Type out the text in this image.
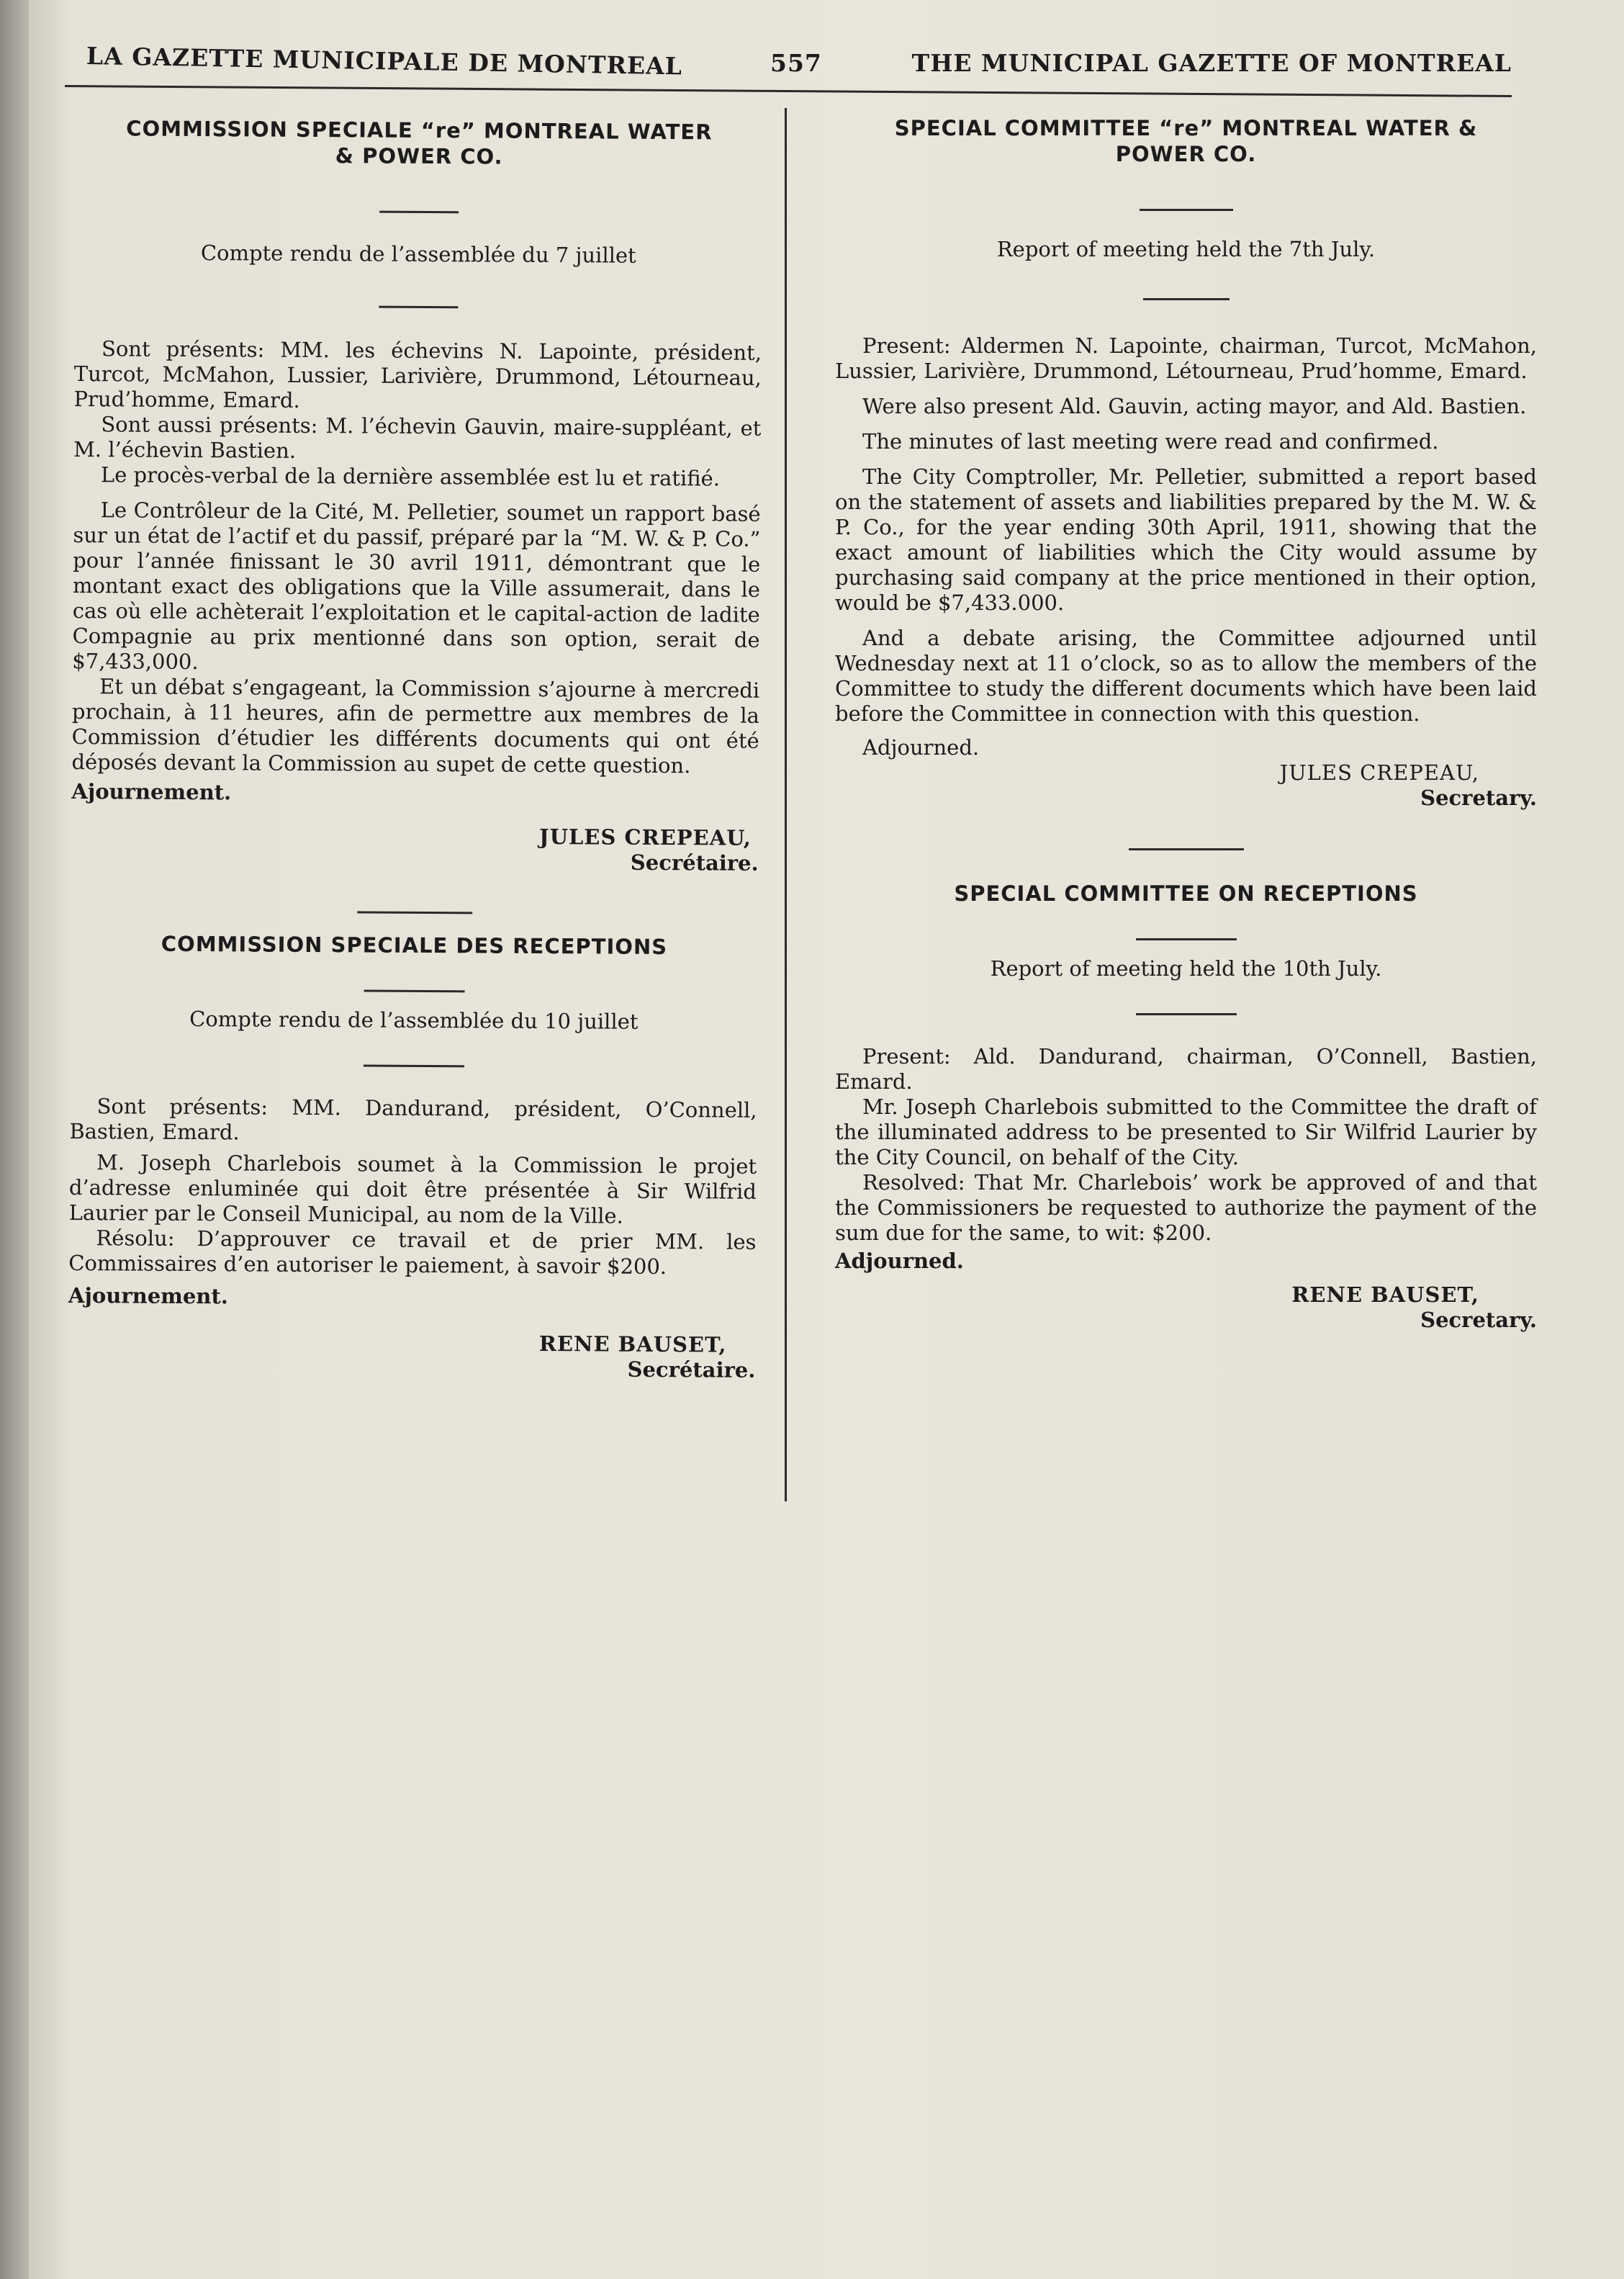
LA GAZETTE MUNICIPALE DE MONTREAL	557	THE MUNICIPAL GAZETTE OF MONTREAL
COMMISSION SPECIALE “re” MONTREAL WATER & POWER CO.
Compte rendu de l’assemblée du 7 juillet

Sont présents: MM. les échevins N. Lapointe, président, Turcot, McMahon, Lussier, Larivière, Drummond, Létourneau, Prud’homme, Emard.

Sont aussi présents: M. l’échevin Gauvin, maire-suppléant, et M. l’échevin Bastien.

Le procès-verbal de la dernière assemblée est lu et ratifié.

Le Contrôleur de la Cité, M. Pelletier, soumet un rapport basé sur un état de l’actif et du passif, préparé par la “M. W. & P. Co.” pour l’année finissant le 30 avril 1911, démontrant que le montant exact des obligations que la Ville assumerait, dans le cas où elle achèterait l’exploitation et le capital-action de ladite Compagnie au prix mentionné dans son option, serait de $7,433,000.

Et un débat s’engageant, la Commission s’ajourne à mercredi prochain, à 11 heures, afin de permettre aux membres de la Commission d’étudier les différents documents qui ont été déposés devant la Commission au supet de cette question.

Ajournement.
JULES CREPEAU,
Secrétaire.
COMMISSION SPECIALE DES RECEPTIONS
Compte rendu de l’assemblée du 10 juillet

Sont présents: MM. Dandurand, président, O’Connell, Bastien, Emard.

M. Joseph Charlebois soumet à la Commission le projet d’adresse enluminée qui doit être présentée à Sir Wilfrid Laurier par le Conseil Municipal, au nom de la Ville.

Résolu: D’approuver ce travail et de prier MM. les Commissaires d’en autoriser le paiement, à savoir $200.

Ajournement.
RENE BAUSET,
Secrétaire.
SPECIAL COMMITTEE “re” MONTREAL WATER & POWER CO.
Report of meeting held the 7th July.

Present: Aldermen N. Lapointe, chairman, Turcot, McMahon, Lussier, Larivière, Drummond, Létourneau, Prud’homme, Emard.

Were also present Ald. Gauvin, acting mayor, and Ald. Bastien.

The minutes of last meeting were read and confirmed.

The City Comptroller, Mr. Pelletier, submitted a report based on the statement of assets and liabilities prepared by the M. W. & P. Co., for the year ending 30th April, 1911, showing that the exact amount of liabilities which the City would assume by purchasing said company at the price mentioned in their option, would be $7,433.000.

And a debate arising, the Committee adjourned until Wednesday next at 11 o’clock, so as to allow the members of the Committee to study the different documents which have been laid before the Committee in connection with this question.

Adjourned.
JULES CREPEAU,
Secretary.
SPECIAL COMMITTEE ON RECEPTIONS
Report of meeting held the 10th July.

Present: Ald. Dandurand, chairman, O’Connell, Bastien, Emard.

Mr. Joseph Charlebois submitted to the Committee the draft of the illuminated address to be presented to Sir Wilfrid Laurier by the City Council, on behalf of the City.

Resolved: That Mr. Charlebois’ work be approved of and that the Commissioners be requested to authorize the payment of the sum due for the same, to wit: $200.

Adjourned.
RENE BAUSET,
Secretary.
